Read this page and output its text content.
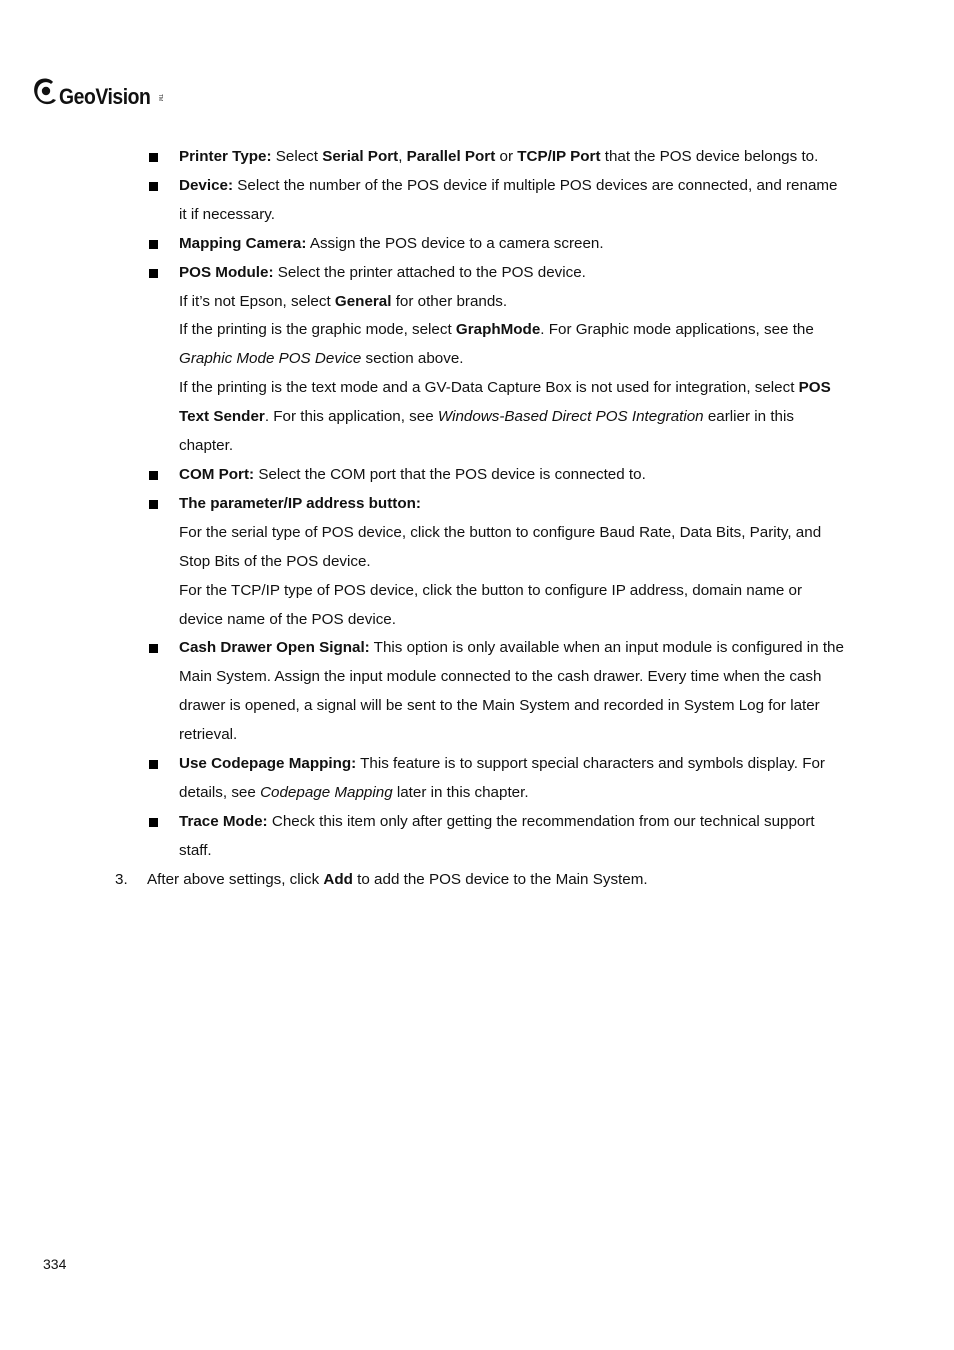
GeoVision TM
Printer Type: Select Serial Port, Parallel Port or TCP/IP Port that the POS device belongs to.
Device: Select the number of the POS device if multiple POS devices are connected, and rename it if necessary.
Mapping Camera: Assign the POS device to a camera screen.
POS Module: Select the printer attached to the POS device.
If it’s not Epson, select General for other brands.
If the printing is the graphic mode, select GraphMode. For Graphic mode applications, see the Graphic Mode POS Device section above.
If the printing is the text mode and a GV-Data Capture Box is not used for integration, select POS Text Sender. For this application, see Windows-Based Direct POS Integration earlier in this chapter.
COM Port: Select the COM port that the POS device is connected to.
The parameter/IP address button:
For the serial type of POS device, click the button to configure Baud Rate, Data Bits, Parity, and Stop Bits of the POS device.
For the TCP/IP type of POS device, click the button to configure IP address, domain name or device name of the POS device.
Cash Drawer Open Signal: This option is only available when an input module is configured in the Main System. Assign the input module connected to the cash drawer. Every time when the cash drawer is opened, a signal will be sent to the Main System and recorded in System Log for later retrieval.
Use Codepage Mapping: This feature is to support special characters and symbols display. For details, see Codepage Mapping later in this chapter.
Trace Mode: Check this item only after getting the recommendation from our technical support staff.
3. After above settings, click Add to add the POS device to the Main System.
334
